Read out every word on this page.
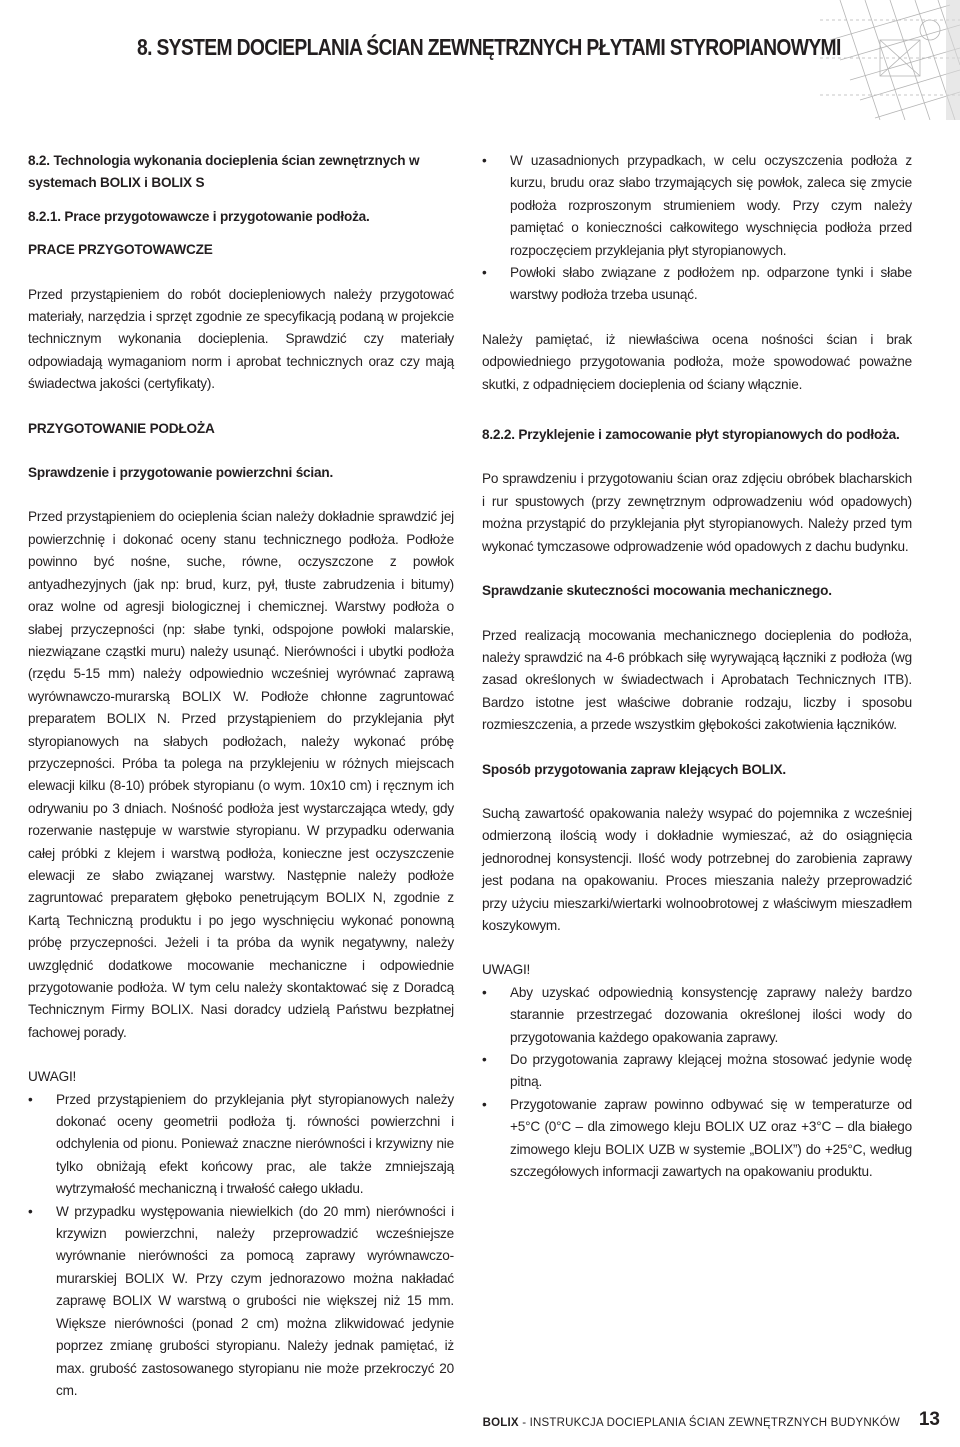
8. SYSTEM DOCIEPLANIA ŚCIAN ZEWNĘTRZNYCH PŁYTAMI STYROPIANOWYMI

8.2. Technologia wykonania docieplenia ścian zewnętrznych w systemach BOLIX i BOLIX S

8.2.1. Prace przygotowawcze i przygotowanie podłoża.

PRACE PRZYGOTOWAWCZE

Przed przystąpieniem do robót dociepleniowych należy przygotować materiały, narzędzia i sprzęt zgodnie ze specyfikacją podaną w projekcie technicznym wykonania docieplenia. Sprawdzić czy materiały odpowiadają wymaganiom norm i aprobat technicznych oraz czy mają świadectwa jakości (certyfikaty).

PRZYGOTOWANIE PODŁOŻA

Sprawdzenie i przygotowanie powierzchni ścian.

Przed przystąpieniem do ocieplenia ścian należy dokładnie sprawdzić jej powierzchnię i dokonać oceny stanu technicznego podłoża. Podłoże powinno być nośne, suche, równe, oczyszczone z powłok antyadhezyjnych (jak np: brud, kurz, pył, tłuste zabrudzenia i bitumy) oraz wolne od agresji biologicznej i chemicznej. Warstwy podłoża o słabej przyczepności (np: słabe tynki, odspojone powłoki malarskie, niezwiązane cząstki muru) należy usunąć. Nierówności i ubytki podłoża (rzędu 5-15 mm) należy odpowiednio wcześniej wyrównać zaprawą wyrównawczo-murarską BOLIX W. Podłoże chłonne zagruntować preparatem BOLIX N. Przed przystąpieniem do przyklejania płyt styropianowych na słabych podłożach, należy wykonać próbę przyczepności. Próba ta polega na przyklejeniu w różnych miejscach elewacji kilku (8-10) próbek styropianu (o wym. 10x10 cm) i ręcznym ich odrywaniu po 3 dniach. Nośność podłoża jest wystarczająca wtedy, gdy rozerwanie następuje w warstwie styropianu. W przypadku oderwania całej próbki z klejem i warstwą podłoża, konieczne jest oczyszczenie elewacji ze słabo związanej warstwy. Następnie należy podłoże zagruntować preparatem głęboko penetrującym BOLIX N, zgodnie z Kartą Techniczną produktu i po jego wyschnięciu wykonać ponowną próbę przyczepności. Jeżeli i ta próba da wynik negatywny, należy uwzględnić dodatkowe mocowanie mechaniczne i odpowiednie przygotowanie podłoża. W tym celu należy skontaktować się z Doradcą Technicznym Firmy BOLIX. Nasi doradcy udzielą Państwu bezpłatnej fachowej porady.

UWAGI!

• Przed przystąpieniem do przyklejania płyt styropianowych należy dokonać oceny geometrii podłoża tj. równości powierzchni i odchylenia od pionu. Ponieważ znaczne nierówności i krzywizny nie tylko obniżają efekt końcowy prac, ale także zmniejszają wytrzymałość mechaniczną i trwałość całego układu.
• W przypadku występowania niewielkich (do 20 mm) nierówności i krzywizn powierzchni, należy przeprowadzić wcześniejsze wyrównanie nierówności za pomocą zaprawy wyrównawczo-murarskiej BOLIX W. Przy czym jednorazowo można nakładać zaprawę BOLIX W warstwą o grubości nie większej niż 15 mm. Większe nierówności (ponad 2 cm) można zlikwidować jedynie poprzez zmianę grubości styropianu. Należy jednak pamiętać, iż max. grubość zastosowanego styropianu nie może przekroczyć 20 cm.
• W uzasadnionych przypadkach, w celu oczyszczenia podłoża z kurzu, brudu oraz słabo trzymających się powłok, zaleca się zmycie podłoża rozproszonym strumieniem wody. Przy czym należy pamiętać o konieczności całkowitego wyschnięcia podłoża przed rozpoczęciem przyklejania płyt styropianowych.
• Powłoki słabo związane z podłożem np. odparzone tynki i słabe warstwy podłoża trzeba usunąć.

Należy pamiętać, iż niewłaściwa ocena nośności ścian i brak odpowiedniego przygotowania podłoża, może spowodować poważne skutki, z odpadnięciem docieplenia od ściany włącznie.

8.2.2. Przyklejenie i zamocowanie płyt styropianowych do podłoża.

Po sprawdzeniu i przygotowaniu ścian oraz zdjęciu obróbek blacharskich i rur spustowych (przy zewnętrznym odprowadzeniu wód opadowych) można przystąpić do przyklejania płyt styropianowych. Należy przed tym wykonać tymczasowe odprowadzenie wód opadowych z dachu budynku.

Sprawdzanie skuteczności mocowania mechanicznego.

Przed realizacją mocowania mechanicznego docieplenia do podłoża, należy sprawdzić na 4-6 próbkach siłę wyrywającą łączniki z podłoża (wg zasad określonych w świadectwach i Aprobatach Technicznych ITB). Bardzo istotne jest właściwe dobranie rodzaju, liczby i sposobu rozmieszczenia, a przede wszystkim głębokości zakotwienia łączników.

Sposób przygotowania zapraw klejących BOLIX.

Suchą zawartość opakowania należy wsypać do pojemnika z wcześniej odmierzoną ilością wody i dokładnie wymieszać, aż do osiągnięcia jednorodnej konsystencji. Ilość wody potrzebnej do zarobienia zaprawy jest podana na opakowaniu. Proces mieszania należy przeprowadzić przy użyciu mieszarki/wiertarki wolnoobrotowej z właściwym mieszadłem koszykowym.

UWAGI!

• Aby uzyskać odpowiednią konsystencję zaprawy należy bardzo starannie przestrzegać dozowania określonej ilości wody do przygotowania każdego opakowania zaprawy.
• Do przygotowania zaprawy klejącej można stosować jedynie wodę pitną.
• Przygotowanie zapraw powinno odbywać się w temperaturze od +5°C (0°C – dla zimowego kleju BOLIX UZ oraz +3°C – dla białego zimowego kleju BOLIX UZB w systemie „BOLIX”) do +25°C, według szczegółowych informacji zawartych na opakowaniu produktu.
BOLIX - INSTRUKCJA DOCIEPLANIA ŚCIAN ZEWNĘTRZNYCH BUDYNKÓW 13
